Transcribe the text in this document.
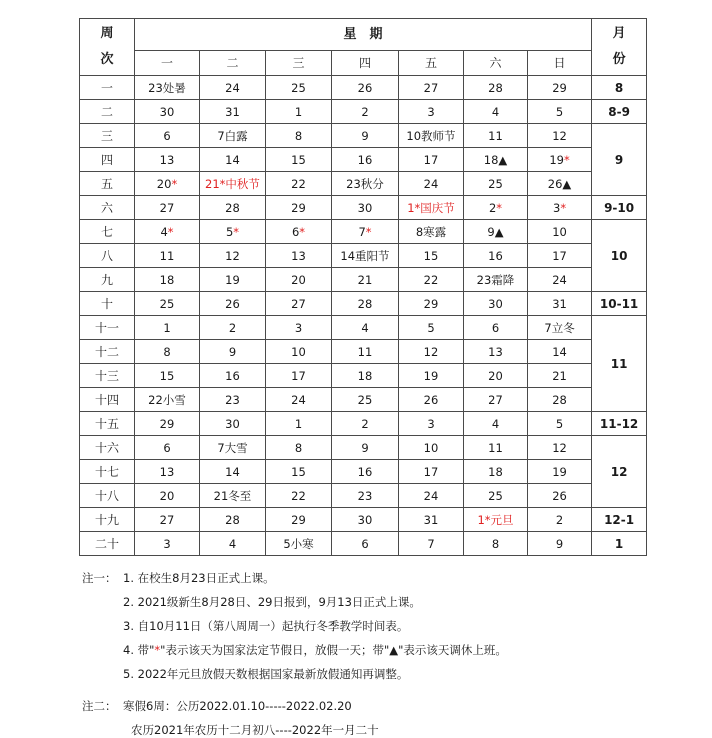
周
次	星　期							月
份
	一	二	三	四	五	六	日	
一	23处暑	24	25	26	27	28	29	8
二	30	31	1	2	3	4	5	8-9
三	6	7白露	8	9	10教师节	11	12	9
四	13	14	15	16	17	18▲	19*	
五	20*	21*中秋节	22	23秋分	24	25	26▲	
六	27	28	29	30	1*国庆节	2*	3*	9-10
七	4*	5*	6*	7*	8寒露	9▲	10	10
八	11	12	13	14重阳节	15	16	17	
九	18	19	20	21	22	23霜降	24	
十	25	26	27	28	29	30	31	10-11
十一	1	2	3	4	5	6	7立冬	11
十二	8	9	10	11	12	13	14	
十三	15	16	17	18	19	20	21	
十四	22小雪	23	24	25	26	27	28	
十五	29	30	1	2	3	4	5	11-12
十六	6	7大雪	8	9	10	11	12	12
十七	13	14	15	16	17	18	19	
十八	20	21冬至	22	23	24	25	26	
十九	27	28	29	30	31	1*元旦	2	12-1
二十	3	4	5小寒	6	7	8	9	1
注一： 1. 在校生8月23日正式上课。
2. 2021级新生8月28日、29日报到，9月13日正式上课。
3. 自10月11日（第八周周一）起执行冬季教学时间表。
4. 带"*"表示该天为国家法定节假日，放假一天；带"▲"表示该天调休上班。
5. 2022年元旦放假天数根据国家最新放假通知再调整。
注二： 寒假6周：公历2022.01.10-----2022.02.20
农历2021年农历十二月初八----2022年一月二十
